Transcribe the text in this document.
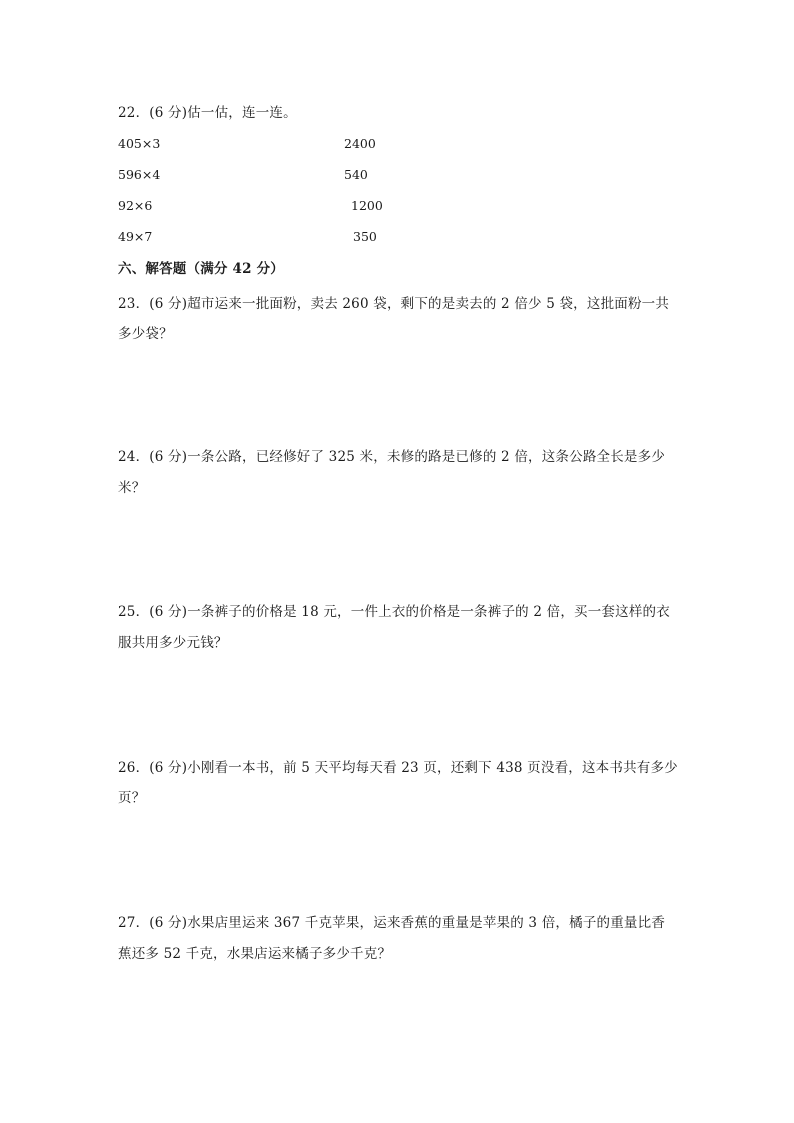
22．(6 分)估一估，连一连。
405×3	2400
596×4	540
92×6	1200
49×7	350
六、解答题（满分 42 分）
23．(6 分)超市运来一批面粉，卖去 260 袋，剩下的是卖去的 2 倍少 5 袋，这批面粉一共
多少袋？
24．(6 分)一条公路，已经修好了 325 米，未修的路是已修的 2 倍，这条公路全长是多少
米？
25．(6 分)一条裤子的价格是 18 元，一件上衣的价格是一条裤子的 2 倍，买一套这样的衣
服共用多少元钱？
26．(6 分)小刚看一本书，前 5 天平均每天看 23 页，还剩下 438 页没看，这本书共有多少
页？
27．(6 分)水果店里运来 367 千克苹果，运来香蕉的重量是苹果的 3 倍，橘子的重量比香
蕉还多 52 千克，水果店运来橘子多少千克？
